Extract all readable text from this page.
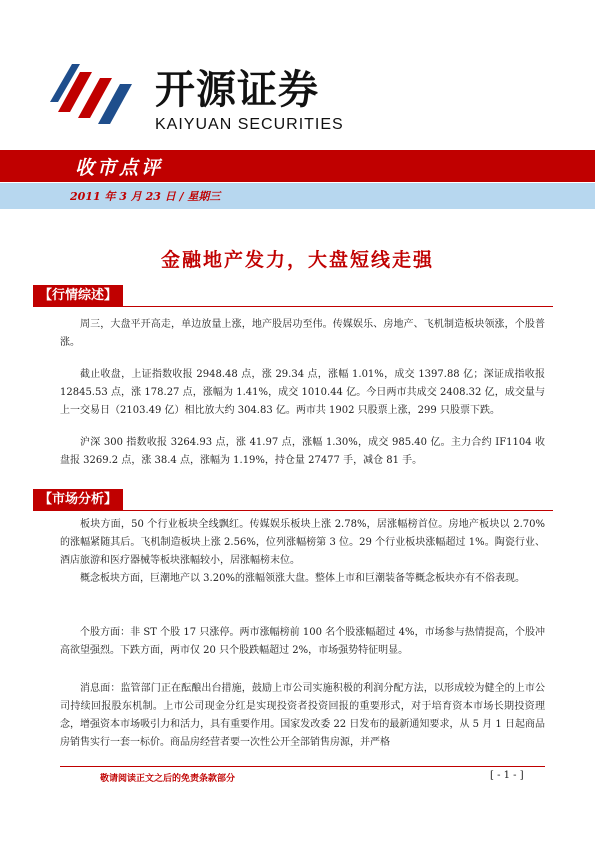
开源证券
KAIYUAN SECURITIES
收市点评
2011 年 3 月 23 日 / 星期三
金融地产发力，大盘短线走强
【行情综述】

周三，大盘平开高走，单边放量上涨，地产股居功至伟。传媒娱乐、房地产、飞机制造板块领涨，个股普涨。

截止收盘，上证指数收报 2948.48 点，涨 29.34 点，涨幅 1.01%，成交 1397.88 亿；深证成指收报 12845.53 点，涨 178.27 点，涨幅为 1.41%，成交 1010.44 亿。今日两市共成交 2408.32 亿，成交量与上一交易日（2103.49 亿）相比放大约 304.83 亿。两市共 1902 只股票上涨，299 只股票下跌。

沪深 300 指数收报 3264.93 点，涨 41.97 点，涨幅 1.30%，成交 985.40 亿。主力合约 IF1104 收盘报 3269.2 点，涨 38.4 点，涨幅为 1.19%，持仓量 27477 手，减仓 81 手。

【市场分析】

板块方面，50 个行业板块全线飘红。传媒娱乐板块上涨 2.78%，居涨幅榜首位。房地产板块以 2.70%的涨幅紧随其后。飞机制造板块上涨 2.56%，位列涨幅榜第 3 位。29 个行业板块涨幅超过 1%。陶瓷行业、酒店旅游和医疗器械等板块涨幅较小，居涨幅榜末位。

概念板块方面，巨潮地产以 3.20%的涨幅领涨大盘。整体上市和巨潮装备等概念板块亦有不俗表现。

个股方面：非 ST 个股 17 只涨停。两市涨幅榜前 100 名个股涨幅超过 4%，市场参与热情提高，个股冲高欲望强烈。下跌方面，两市仅 20 只个股跌幅超过 2%，市场强势特征明显。

消息面：监管部门正在酝酿出台措施，鼓励上市公司实施积极的利润分配方法，以形成较为健全的上市公司持续回报股东机制。上市公司现金分红是实现投资者投资回报的重要形式，对于培育资本市场长期投资理念，增强资本市场吸引力和活力，具有重要作用。国家发改委 22 日发布的最新通知要求，从 5 月 1 日起商品房销售实行一套一标价。商品房经营者要一次性公开全部销售房源，并严格

敬请阅读正文之后的免责条款部分	[ - 1 - ]
